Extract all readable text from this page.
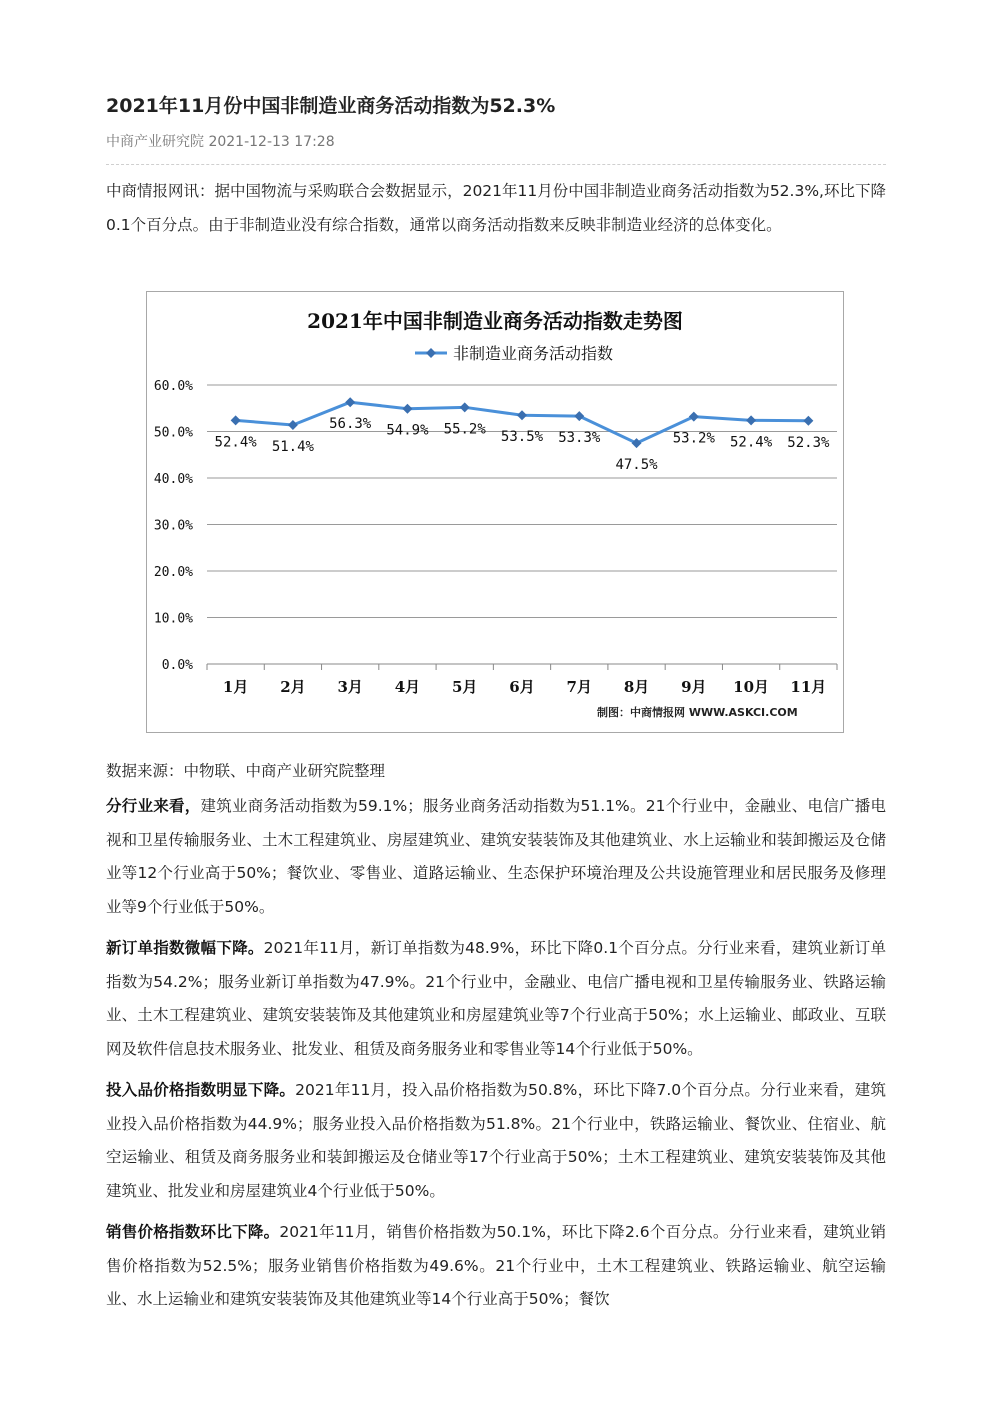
2021年11月份中国非制造业商务活动指数为52.3%
中商产业研究院 2021-12-13 17:28

中商情报网讯：据中国物流与采购联合会数据显示，2021年11月份中国非制造业商务活动指数为52.3%,环比下降0.1个百分点。由于非制造业没有综合指数，通常以商务活动指数来反映非制造业经济的总体变化。

2021年中国非制造业商务活动指数走势图
非制造业商务活动指数
0.0%
10.0%
20.0%
30.0%
40.0%
50.0%
60.0%
1月 2月 3月 4月 5月 6月 7月 8月 9月 10月 11月
52.4% 51.4%
56.3% 54.9% 55.2% 53.5% 53.3%
47.5%
53.2% 52.4% 52.3%
制图：中商情报网 WWW.ASKCI.COM
数据来源：中物联、中商产业研究院整理

分行业来看，建筑业商务活动指数为59.1%；服务业商务活动指数为51.1%。21个行业中，金融业、电信广播电视和卫星传输服务业、土木工程建筑业、房屋建筑业、建筑安装装饰及其他建筑业、水上运输业和装卸搬运及仓储业等12个行业高于50%；餐饮业、零售业、道路运输业、生态保护环境治理及公共设施管理业和居民服务及修理业等9个行业低于50%。

新订单指数微幅下降。2021年11月，新订单指数为48.9%，环比下降0.1个百分点。分行业来看，建筑业新订单指数为54.2%；服务业新订单指数为47.9%。21个行业中，金融业、电信广播电视和卫星传输服务业、铁路运输业、土木工程建筑业、建筑安装装饰及其他建筑业和房屋建筑业等7个行业高于50%；水上运输业、邮政业、互联网及软件信息技术服务业、批发业、租赁及商务服务业和零售业等14个行业低于50%。

投入品价格指数明显下降。2021年11月，投入品价格指数为50.8%，环比下降7.0个百分点。分行业来看，建筑业投入品价格指数为44.9%；服务业投入品价格指数为51.8%。21个行业中，铁路运输业、餐饮业、住宿业、航空运输业、租赁及商务服务业和装卸搬运及仓储业等17个行业高于50%；土木工程建筑业、建筑安装装饰及其他建筑业、批发业和房屋建筑业4个行业低于50%。

销售价格指数环比下降。2021年11月，销售价格指数为50.1%，环比下降2.6个百分点。分行业来看，建筑业销售价格指数为52.5%；服务业销售价格指数为49.6%。21个行业中，土木工程建筑业、铁路运输业、航空运输业、水上运输业和建筑安装装饰及其他建筑业等14个行业高于50%；餐饮
